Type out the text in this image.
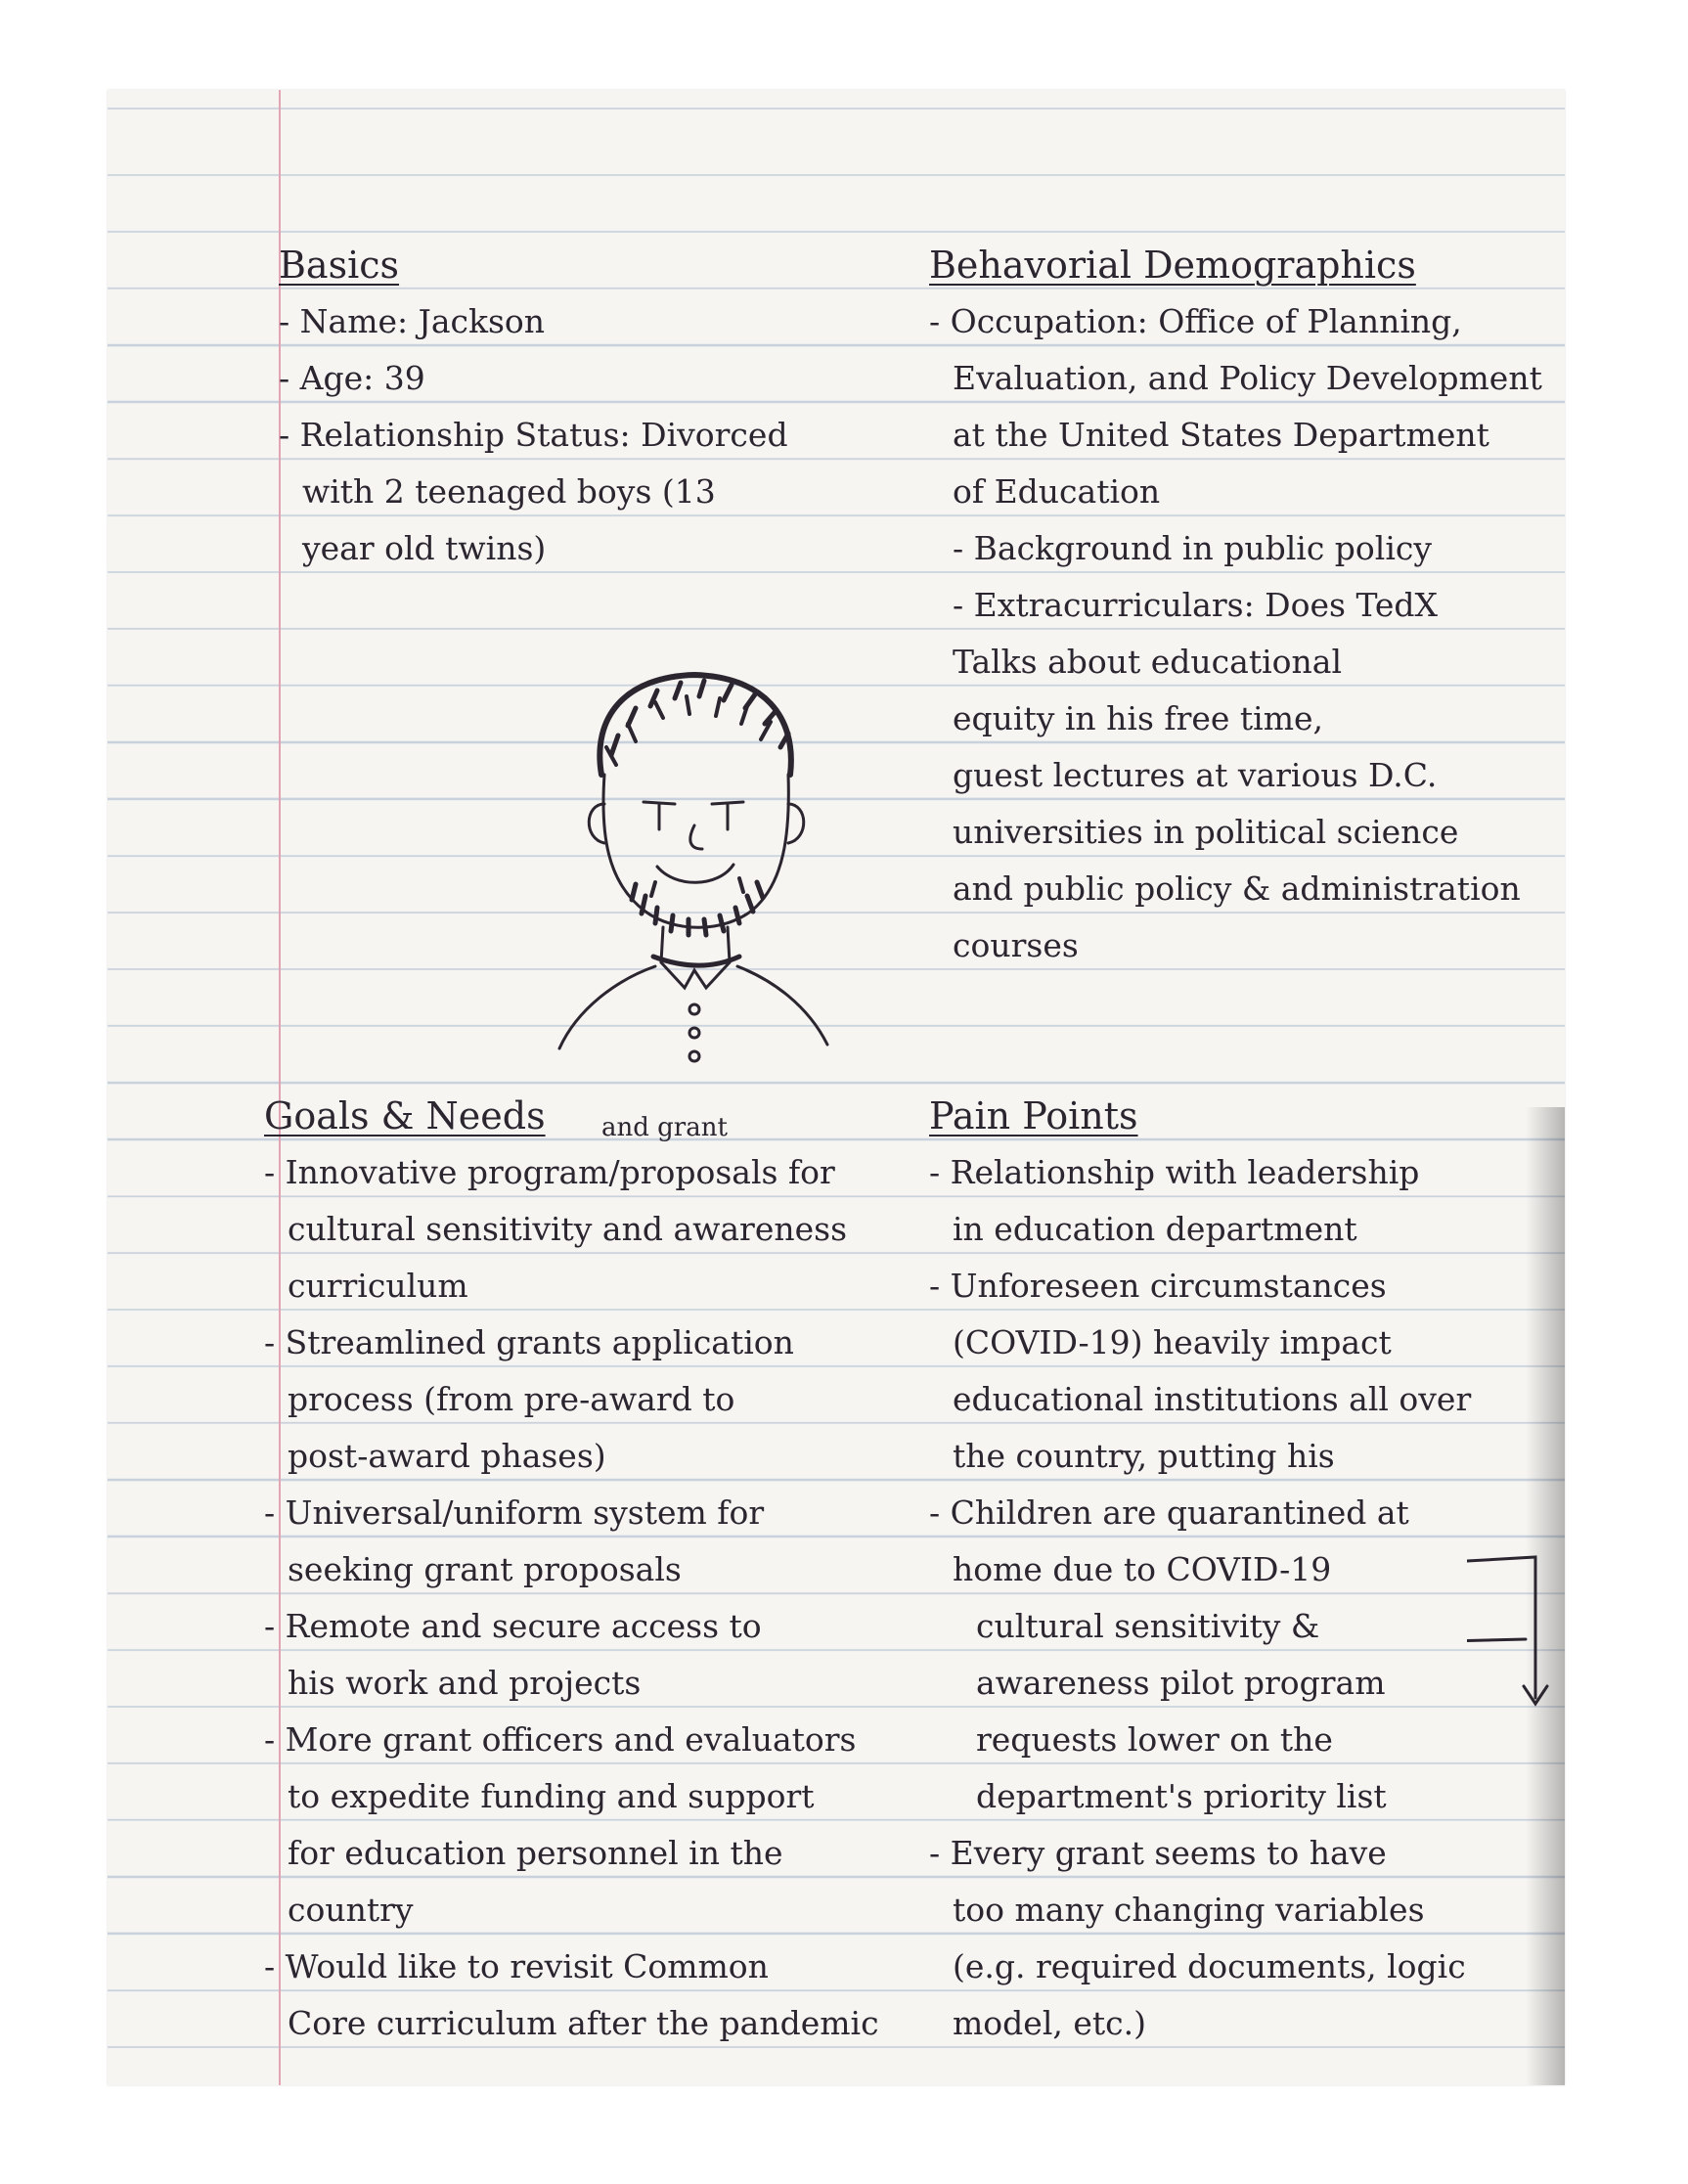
Basics

- Name: Jackson

- Age: 39

- Relationship Status: Divorced

with 2 teenaged boys (13

year old twins)

Behavorial Demographics

- Occupation: Office of Planning,

Evaluation, and Policy Development

at the United States Department

of Education

- Background in public policy

- Extracurriculars: Does TedX

Talks about educational

equity in his free time,

guest lectures at various D.C.

universities in political science

and public policy & administration

courses

Goals & Needs	and grant

- Innovative program/proposals for

cultural sensitivity and awareness

curriculum

- Streamlined grants application

process (from pre-award to

post-award phases)

- Universal/uniform system for

seeking grant proposals

- Remote and secure access to

his work and projects

- More grant officers and evaluators

to expedite funding and support

for education personnel in the

country

- Would like to revisit Common

Core curriculum after the pandemic

Pain Points

- Relationship with leadership

in education department

- Unforeseen circumstances

(COVID-19) heavily impact

educational institutions all over

the country, putting his

- Children are quarantined at

home due to COVID-19

cultural sensitivity &

awareness pilot program

requests lower on the

department's priority list

- Every grant seems to have

too many changing variables

(e.g. required documents, logic

model, etc.)
